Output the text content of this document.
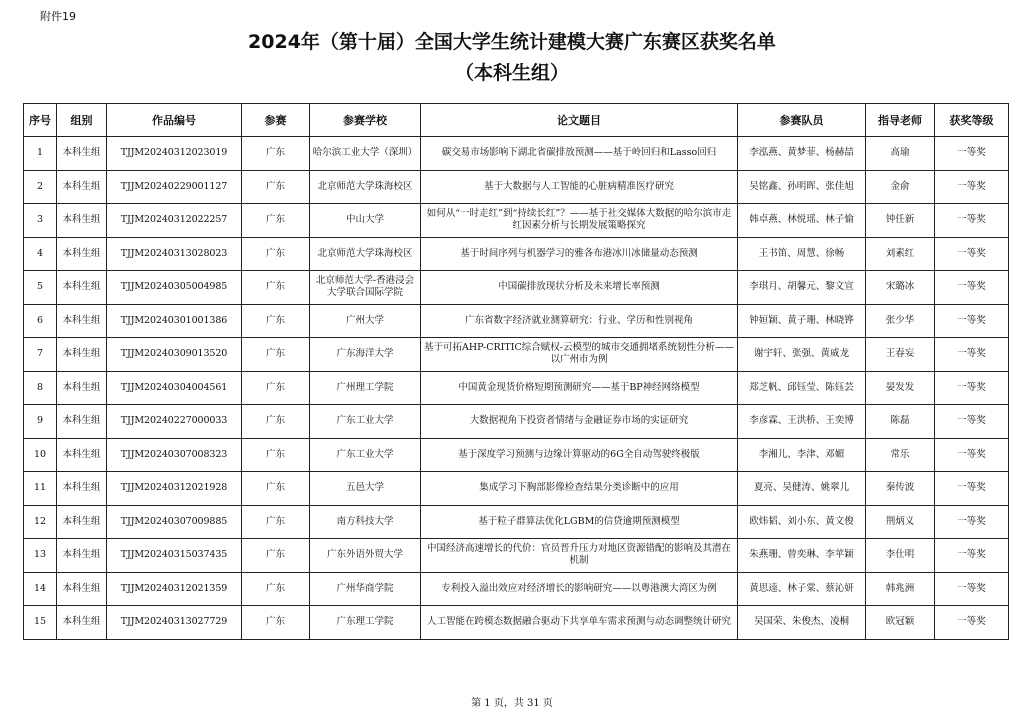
附件19
2024年（第十届）全国大学生统计建模大赛广东赛区获奖名单
（本科生组）
序号	组别	作品编号	参赛	参赛学校	论文题目	参赛队员	指导老师	获奖等级
1	本科生组	TJJM20240312023019	广东	哈尔滨工业大学（深圳）	碳交易市场影响下湖北省碳排放预测——基于岭回归和Lasso回归	李泓燕、黄梦菲、杨赫喆	高瑜	一等奖
2	本科生组	TJJM20240229001127	广东	北京师范大学珠海校区	基于大数据与人工智能的心脏病精准医疗研究	吴铭鑫、孙明晖、张佳旭	金俞	一等奖
3	本科生组	TJJM20240312022257	广东	中山大学	如何从“一时走红”到“持续长红”？——基于社交媒体大数据的哈尔滨市走红因素分析与长期发展策略探究	韩卓燕、林悦瑶、林子愉	钟任新	一等奖
4	本科生组	TJJM20240313028023	广东	北京师范大学珠海校区	基于时间序列与机器学习的雅各布港冰川冰储量动态预测	王书笛、周慧、徐畅	刘素红	一等奖
5	本科生组	TJJM20240305004985	广东	北京师范大学-香港浸会大学联合国际学院	中国碳排放现状分析及未来增长率预测	李琪月、胡馨元、黎文宣	宋璐冰	一等奖
6	本科生组	TJJM20240301001386	广东	广州大学	广东省数字经济就业测算研究：行业、学历和性别视角	钟姮颖、黄子珊、林晓铧	张少华	一等奖
7	本科生组	TJJM20240309013520	广东	广东海洋大学	基于可拓AHP-CRITIC综合赋权-云模型的城市交通拥堵系统韧性分析——以广州市为例	谢宇轩、张强、黄威龙	王春妄	一等奖
8	本科生组	TJJM20240304004561	广东	广州理工学院	中国黄金现货价格短期预测研究——基于BP神经网络模型	郑芝帆、邱钰莹、陈钰芸	晏发发	一等奖
9	本科生组	TJJM20240227000033	广东	广东工业大学	大数据视角下投资者情绪与金融证券市场的实证研究	李彦霖、王洪桥、王奕博	陈磊	一等奖
10	本科生组	TJJM20240307008323	广东	广东工业大学	基于深度学习预测与边缘计算驱动的6G全自动驾驶终极版	李湘儿、李津、邓媚	常乐	一等奖
11	本科生组	TJJM20240312021928	广东	五邑大学	集成学习下胸部影像检查结果分类诊断中的应用	夏亮、吴健涛、姚翠儿	秦传波	一等奖
12	本科生组	TJJM20240307009885	广东	南方科技大学	基于粒子群算法优化LGBM的信贷逾期预测模型	欧炜韬、刘小东、黄文俊	荆炳义	一等奖
13	本科生组	TJJM20240315037435	广东	广东外语外贸大学	中国经济高速增长的代价：官员晋升压力对地区资源错配的影响及其潜在机制	朱燕珊、曾奕琳、李苹颖	李仕明	一等奖
14	本科生组	TJJM20240312021359	广东	广州华商学院	专利投入溢出效应对经济增长的影响研究——以粤港澳大湾区为例	黄思逵、林子棠、蔡沁妍	韩兆洲	一等奖
15	本科生组	TJJM20240313027729	广东	广东理工学院	人工智能在跨模态数据融合驱动下共享单车需求预测与动态调整统计研究	吴国荣、朱俊杰、凌桐	欧冠颖	一等奖
第 1 页，共 31 页
